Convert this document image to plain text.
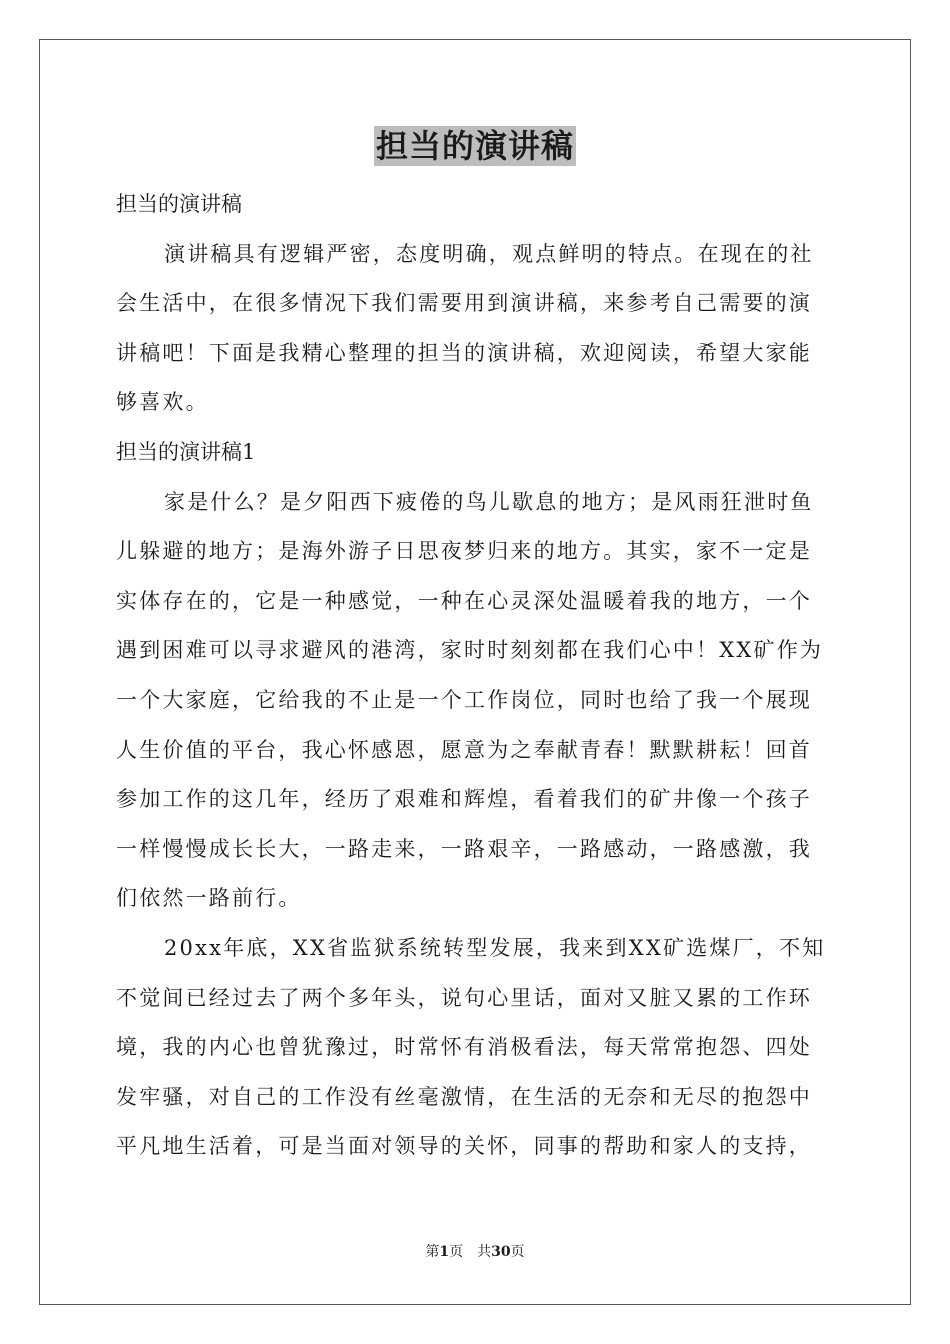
担当的演讲稿

担当的演讲稿

演讲稿具有逻辑严密，态度明确，观点鲜明的特点。在现在的社会生活中，在很多情况下我们需要用到演讲稿，来参考自己需要的演讲稿吧！下面是我精心整理的担当的演讲稿，欢迎阅读，希望大家能够喜欢。

担当的演讲稿1

家是什么？是夕阳西下疲倦的鸟儿歇息的地方；是风雨狂泄时鱼儿躲避的地方；是海外游子日思夜梦归来的地方。其实，家不一定是实体存在的，它是一种感觉，一种在心灵深处温暖着我的地方，一个遇到困难可以寻求避风的港湾，家时时刻刻都在我们心中！XX矿作为一个大家庭，它给我的不止是一个工作岗位，同时也给了我一个展现人生价值的平台，我心怀感恩，愿意为之奉献青春！默默耕耘！回首参加工作的这几年，经历了艰难和辉煌，看着我们的矿井像一个孩子一样慢慢成长长大，一路走来，一路艰辛，一路感动，一路感激，我们依然一路前行。

20xx年底，XX省监狱系统转型发展，我来到XX矿选煤厂，不知不觉间已经过去了两个多年头，说句心里话，面对又脏又累的工作环境，我的内心也曾犹豫过，时常怀有消极看法，每天常常抱怨、四处发牢骚，对自己的工作没有丝毫激情，在生活的无奈和无尽的抱怨中平凡地生活着，可是当面对领导的关怀，同事的帮助和家人的支持，

第1页　共30页
